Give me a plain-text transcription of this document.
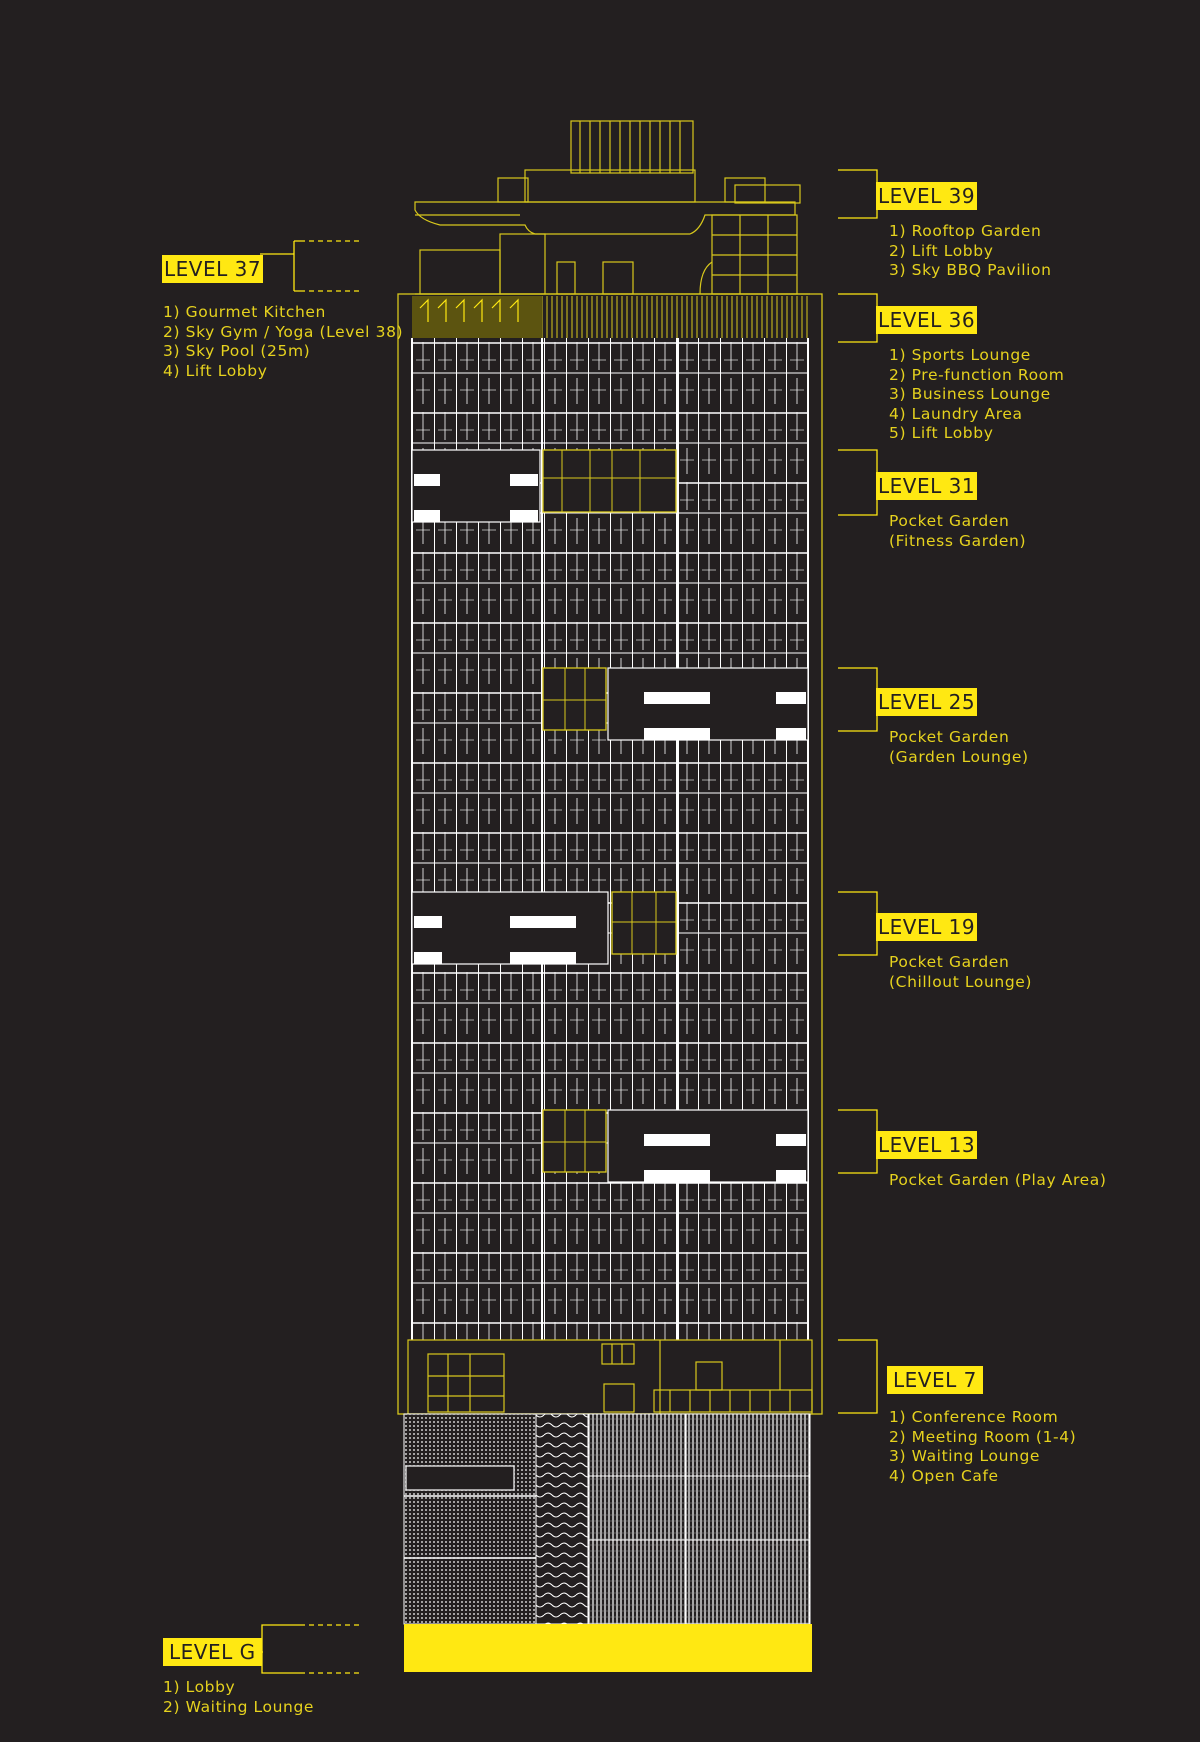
LEVEL 39
1) Rooftop Garden
2) Lift Lobby
3) Sky BBQ Pavilion
LEVEL 37
1) Gourmet Kitchen
2) Sky Gym / Yoga (Level 38)
3) Sky Pool (25m)
4) Lift Lobby
LEVEL 36
1) Sports Lounge
2) Pre-function Room
3) Business Lounge
4) Laundry Area
5) Lift Lobby
LEVEL 31
Pocket Garden
(Fitness Garden)
LEVEL 25
Pocket Garden
(Garden Lounge)
LEVEL 19
Pocket Garden
(Chillout Lounge)
LEVEL 13
Pocket Garden (Play Area)
LEVEL 7
1) Conference Room
2) Meeting Room (1-4)
3) Waiting Lounge
4) Open Cafe
LEVEL G
1) Lobby
2) Waiting Lounge
